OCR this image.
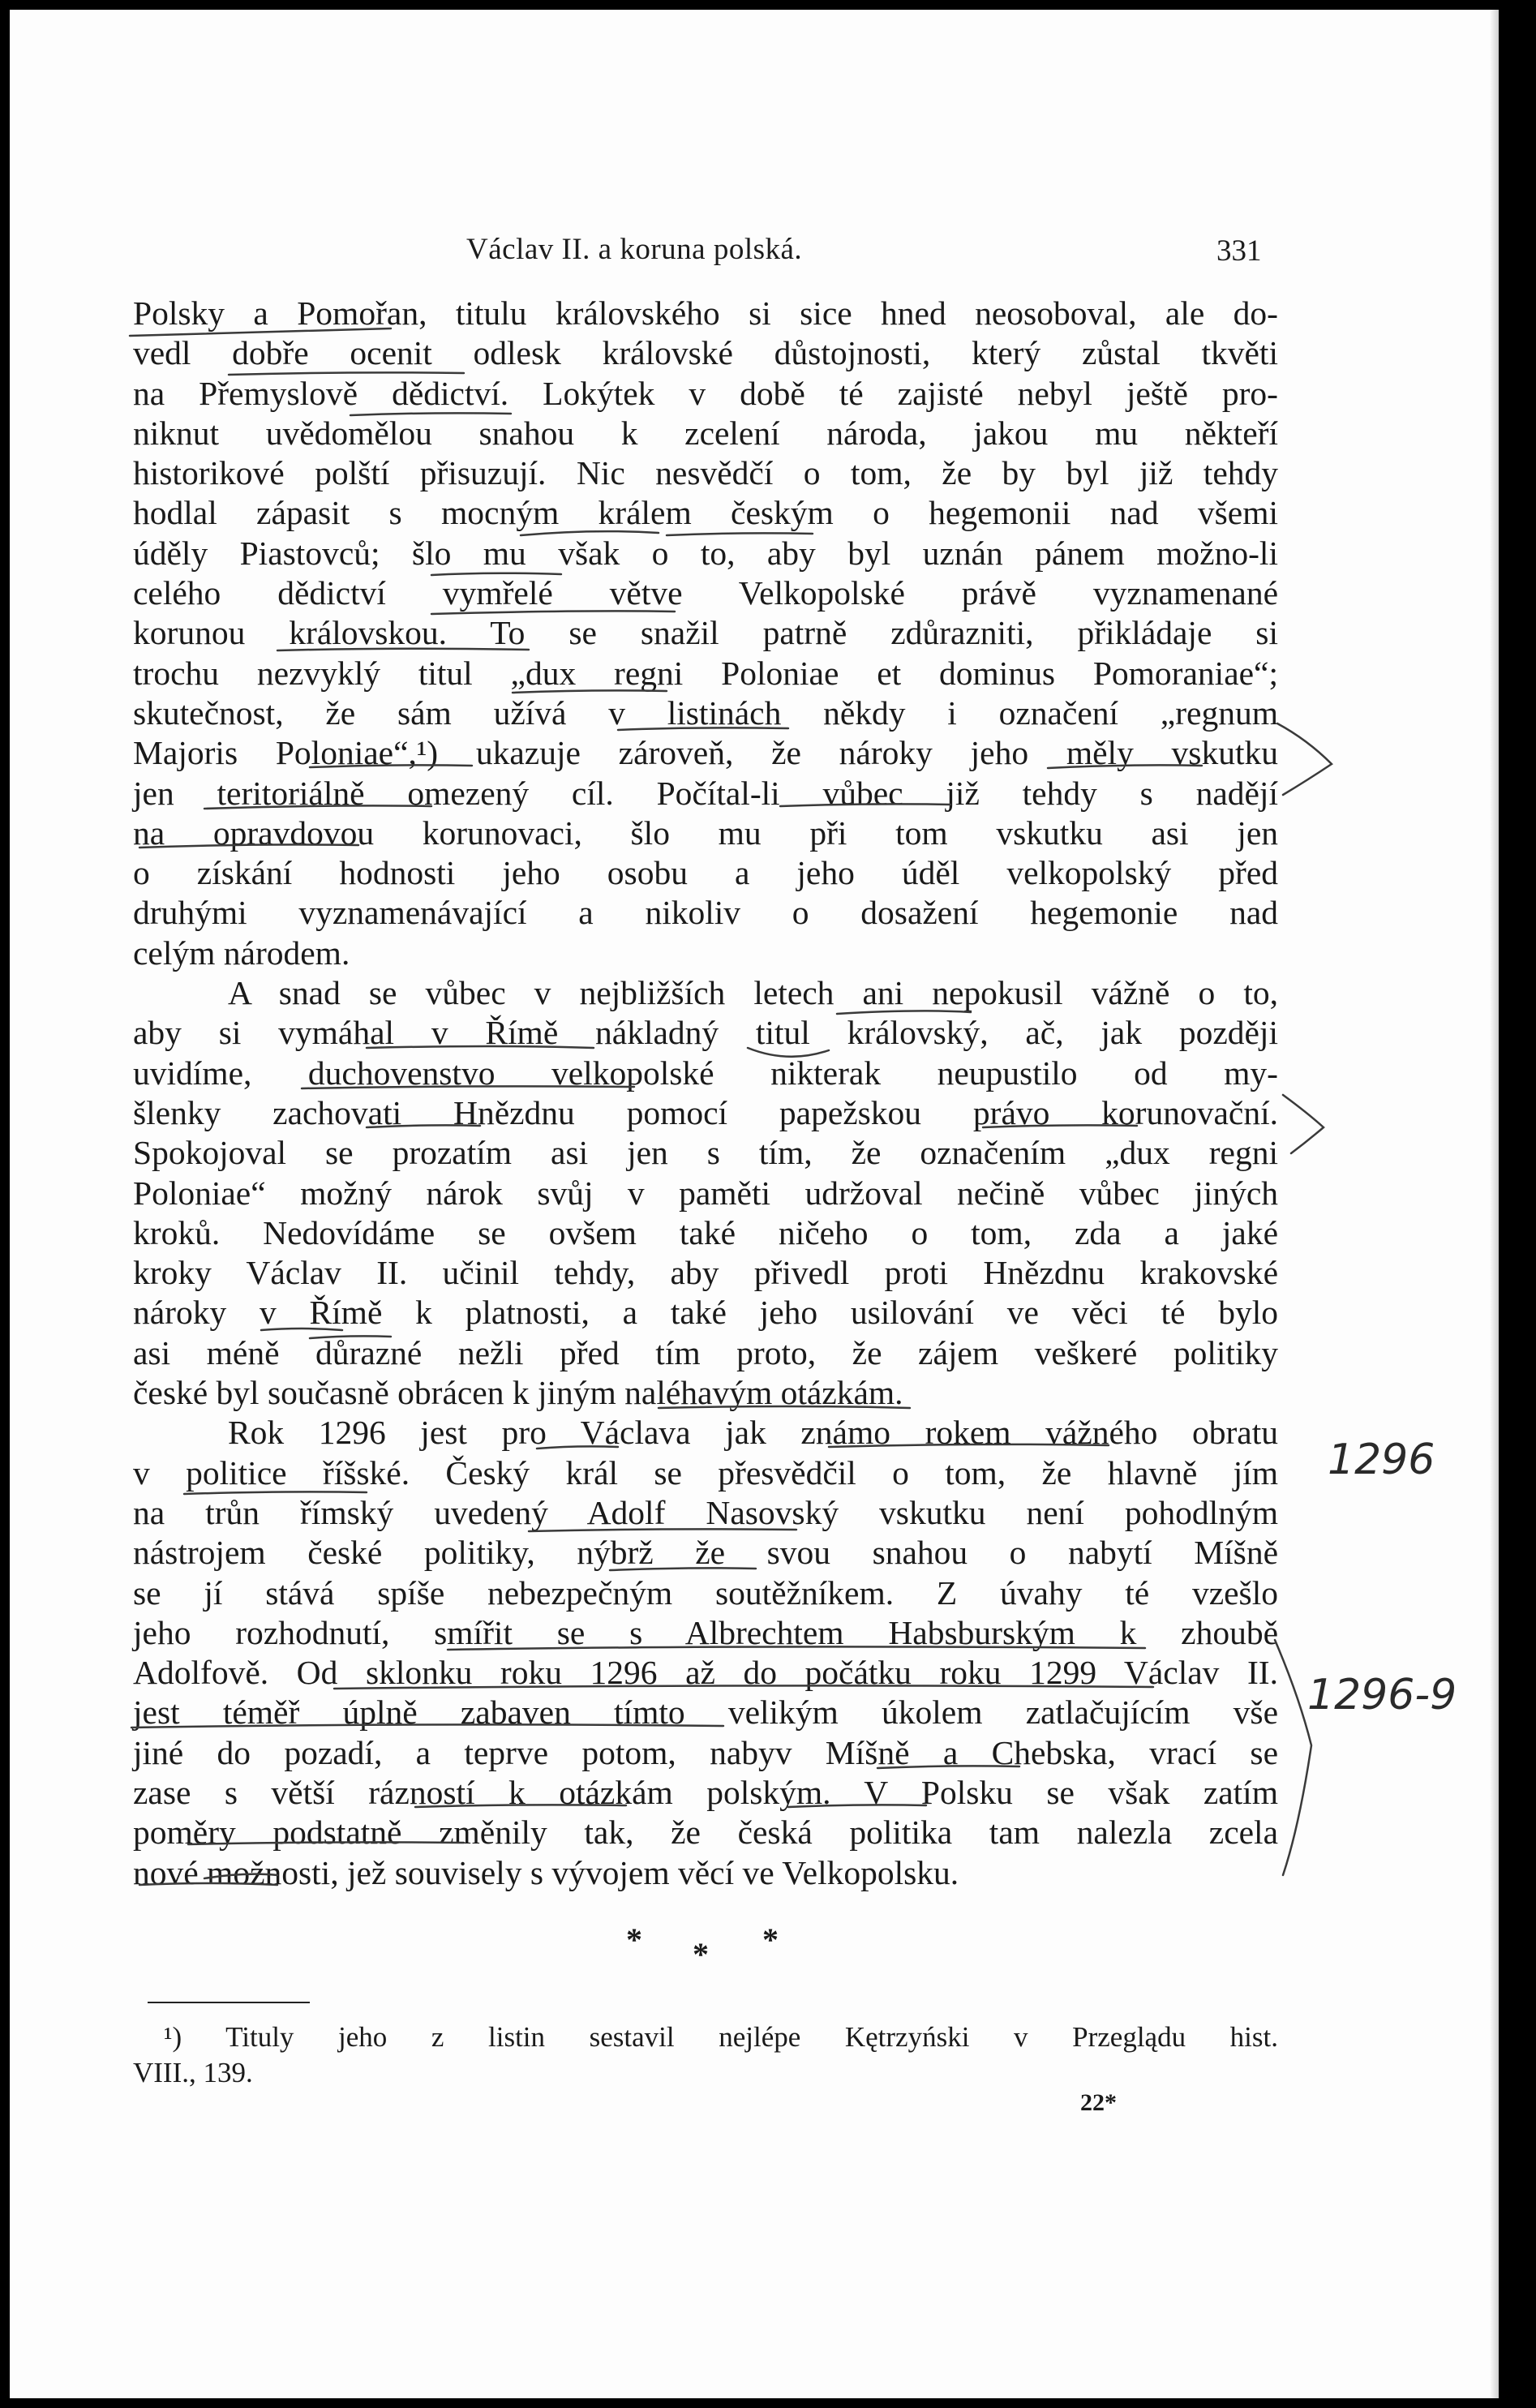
Václav II. a koruna polská.	331
Polsky a Pomořan, titulu královského si sice hned neosoboval, ale do-
vedl dobře ocenit odlesk královské důstojnosti, který zůstal tkvěti
na Přemyslově dědictví. Lokýtek v době té zajisté nebyl ještě pro-
niknut uvědomělou snahou k zcelení národa, jakou mu někteří
historikové polští přisuzují. Nic nesvědčí o tom, že by byl již tehdy
hodlal zápasit s mocným králem českým o hegemonii nad všemi
úděly Piastovců; šlo mu však o to, aby byl uznán pánem možno-li
celého dědictví vymřelé větve Velkopolské právě vyznamenané
korunou královskou. To se snažil patrně zdůrazniti, přikládaje si
trochu nezvyklý titul „dux regni Poloniae et dominus Pomoraniae“;
skutečnost, že sám užívá v listinách někdy i označení „regnum
Majoris Poloniae“,¹) ukazuje zároveň, že nároky jeho měly vskutku
jen teritoriálně omezený cíl. Počítal-li vůbec již tehdy s nadějí
na opravdovou korunovaci, šlo mu při tom vskutku asi jen
o získání hodnosti jeho osobu a jeho úděl velkopolský před
druhými vyznamenávající a nikoliv o dosažení hegemonie nad
celým národem.
A snad se vůbec v nejbližších letech ani nepokusil vážně o to,
aby si vymáhal v Římě nákladný titul královský, ač, jak později
uvidíme, duchovenstvo velkopolské nikterak neupustilo od my-
šlenky zachovati Hnězdnu pomocí papežskou právo korunovační.
Spokojoval se prozatím asi jen s tím, že označením „dux regni
Poloniae“ možný nárok svůj v paměti udržoval nečině vůbec jiných
kroků. Nedovídáme se ovšem také ničeho o tom, zda a jaké
kroky Václav II. učinil tehdy, aby přivedl proti Hnězdnu krakovské
nároky v Římě k platnosti, a také jeho usilování ve věci té bylo
asi méně důrazné nežli před tím proto, že zájem veškeré politiky
české byl současně obrácen k jiným naléhavým otázkám.
Rok 1296 jest pro Václava jak známo rokem vážného obratu
v politice říšské. Český král se přesvědčil o tom, že hlavně jím
na trůn římský uvedený Adolf Nasovský vskutku není pohodlným
nástrojem české politiky, nýbrž že svou snahou o nabytí Míšně
se jí stává spíše nebezpečným soutěžníkem. Z úvahy té vzešlo
jeho rozhodnutí, smířit se s Albrechtem Habsburským k zhoubě
Adolfově. Od sklonku roku 1296 až do počátku roku 1299 Václav II.
jest téměř úplně zabaven tímto velikým úkolem zatlačujícím vše
jiné do pozadí, a teprve potom, nabyv Míšně a Chebska, vrací se
zase s větší rázností k otázkám polským. V Polsku se však zatím
poměry podstatně změnily tak, že česká politika tam nalezla zcela
nové možnosti, jež souvisely s vývojem věcí ve Velkopolsku.
* * *
¹) Tituly jeho z listin sestavil nejlépe Kętrzyński v Przeglądu hist.
VIII., 139.
22*
1296
1296-9
